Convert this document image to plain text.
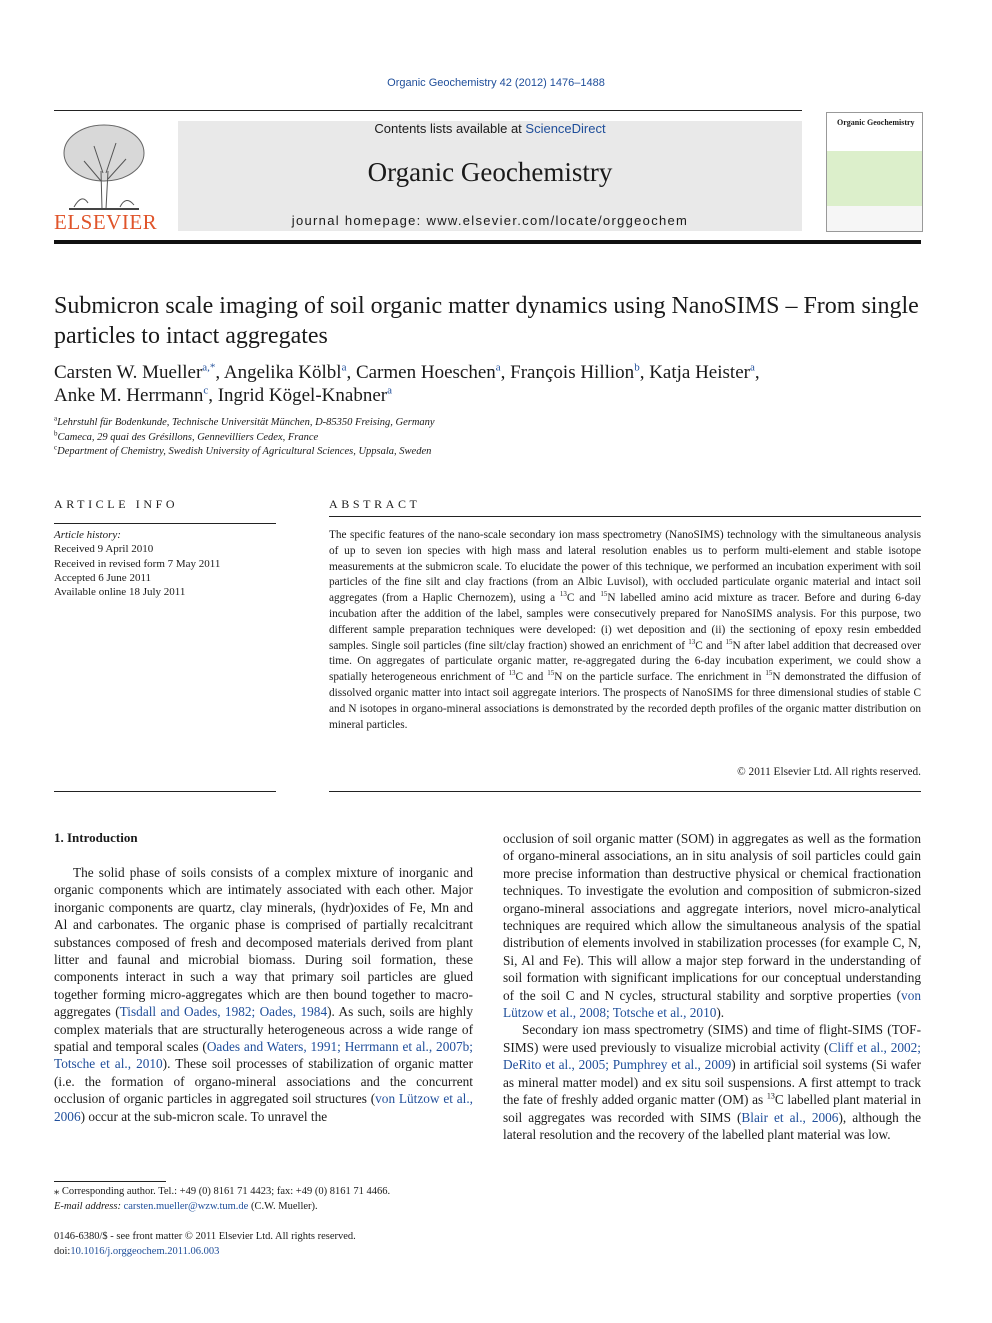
Organic Geochemistry 42 (2012) 1476–1488
ELSEVIER
Contents lists available at ScienceDirect
Organic Geochemistry
journal homepage: www.elsevier.com/locate/orggeochem
Organic Geochemistry
Submicron scale imaging of soil organic matter dynamics using NanoSIMS – From single particles to intact aggregates
Carsten W. Mueller$^{a,*}$, Angelika Kölbl$^a$, Carmen Hoeschen$^a$, François Hillion$^b$, Katja Heister$^a$,
Anke M. Herrmann$^c$, Ingrid Kögel-Knabner$^a$
$^a$Lehrstuhl für Bodenkunde, Technische Universität München, D-85350 Freising, Germany
$^b$Cameca, 29 quai des Grésillons, Gennevilliers Cedex, France
$^c$Department of Chemistry, Swedish University of Agricultural Sciences, Uppsala, Sweden
ARTICLE INFO
Article history:
Received 9 April 2010
Received in revised form 7 May 2011
Accepted 6 June 2011
Available online 18 July 2011
ABSTRACT
The specific features of the nano-scale secondary ion mass spectrometry (NanoSIMS) technology with the simultaneous analysis of up to seven ion species with high mass and lateral resolution enables us to perform multi-element and stable isotope measurements at the submicron scale. To elucidate the power of this technique, we performed an incubation experiment with soil particles of the fine silt and clay fractions (from an Albic Luvisol), with occluded particulate organic material and intact soil aggregates (from a Haplic Chernozem), using a $^{13}$C and $^{15}$N labelled amino acid mixture as tracer. Before and during 6-day incubation after the addition of the label, samples were consecutively prepared for NanoSIMS analysis. For this purpose, two different sample preparation techniques were developed: (i) wet deposition and (ii) the sectioning of epoxy resin embedded samples. Single soil particles (fine silt/clay fraction) showed an enrichment of $^{13}$C and $^{15}$N after label addition that decreased over time. On aggregates of particulate organic matter, re-aggregated during the 6-day incubation experiment, we could show a spatially heterogeneous enrichment of $^{13}$C and $^{15}$N on the particle surface. The enrichment in $^{15}$N demonstrated the diffusion of dissolved organic matter into intact soil aggregate interiors. The prospects of NanoSIMS for three dimensional studies of stable C and N isotopes in organo-mineral associations is demonstrated by the recorded depth profiles of the organic matter distribution on mineral particles.
© 2011 Elsevier Ltd. All rights reserved.
1. Introduction

The solid phase of soils consists of a complex mixture of inorganic and organic components which are intimately associated with each other. Major inorganic components are quartz, clay minerals, (hydr)oxides of Fe, Mn and Al and carbonates. The organic phase is comprised of partially recalcitrant substances composed of fresh and decomposed materials derived from plant litter and faunal and microbial biomass. During soil formation, these components interact in such a way that primary soil particles are glued together forming micro-aggregates which are then bound together to macro-aggregates (Tisdall and Oades, 1982; Oades, 1984). As such, soils are highly complex materials that are structurally heterogeneous across a wide range of spatial and temporal scales (Oades and Waters, 1991; Herrmann et al., 2007b; Totsche et al., 2010). These soil processes of stabilization of organic matter (i.e. the formation of organo-mineral associations and the concurrent occlusion of organic particles in aggregated soil structures (von Lützow et al., 2006) occur at the sub-micron scale. To unravel the

occlusion of soil organic matter (SOM) in aggregates as well as the formation of organo-mineral associations, an in situ analysis of soil particles could gain more precise information than destructive physical or chemical fractionation techniques. To investigate the evolution and composition of submicron-sized organo-mineral associations and aggregate interiors, novel micro-analytical techniques are required which allow the simultaneous analysis of the spatial distribution of elements involved in stabilization processes (for example C, N, Si, Al and Fe). This will allow a major step forward in the understanding of soil formation with significant implications for our conceptual understanding of the soil C and N cycles, structural stability and sorptive properties (von Lützow et al., 2008; Totsche et al., 2010).

Secondary ion mass spectrometry (SIMS) and time of flight-SIMS (TOF-SIMS) were used previously to visualize microbial activity (Cliff et al., 2002; DeRito et al., 2005; Pumphrey et al., 2009) in artificial soil systems (Si wafer as mineral matter model) and ex situ soil suspensions. A first attempt to track the fate of freshly added organic matter (OM) as $^{13}$C labelled plant material in soil aggregates was recorded with SIMS (Blair et al., 2006), although the lateral resolution and the recovery of the labelled plant material was low.

⁎ Corresponding author. Tel.: +49 (0) 8161 71 4423; fax: +49 (0) 8161 71 4466.
E-mail address: carsten.mueller@wzw.tum.de (C.W. Mueller).
0146-6380/$ - see front matter © 2011 Elsevier Ltd. All rights reserved.
doi:10.1016/j.orggeochem.2011.06.003
